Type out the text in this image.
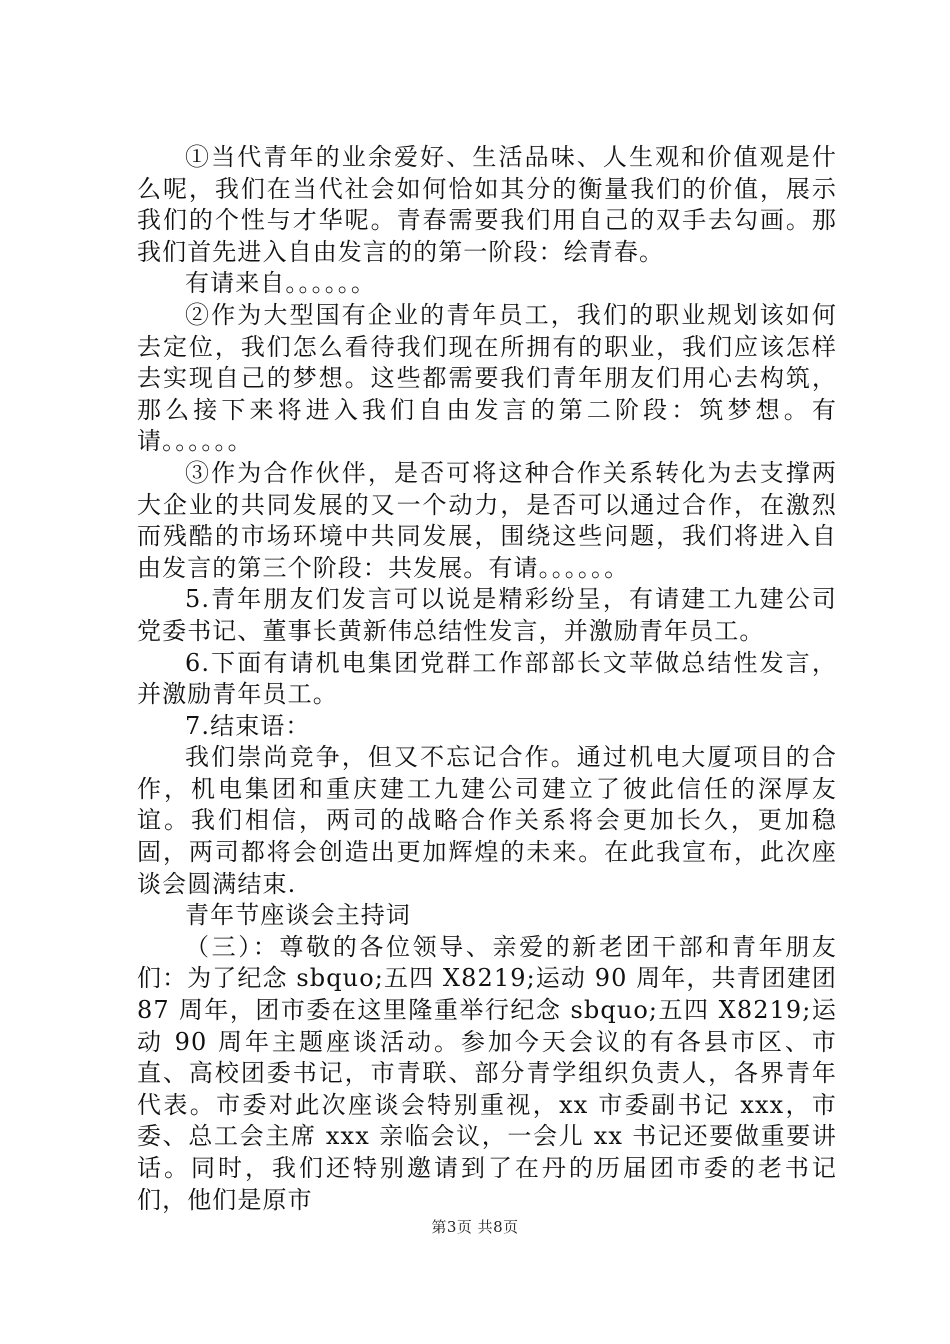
①当代青年的业余爱好、生活品味、人生观和价值观是什么呢，我们在当代社会如何恰如其分的衡量我们的价值，展示我们的个性与才华呢。青春需要我们用自己的双手去勾画。那我们首先进入自由发言的的第一阶段：绘青春。

有请来自。。。。。。

②作为大型国有企业的青年员工，我们的职业规划该如何去定位，我们怎么看待我们现在所拥有的职业，我们应该怎样去实现自己的梦想。这些都需要我们青年朋友们用心去构筑，那么接下来将进入我们自由发言的第二阶段：筑梦想。有请。。。。。。

③作为合作伙伴，是否可将这种合作关系转化为去支撑两大企业的共同发展的又一个动力，是否可以通过合作，在激烈而残酷的市场环境中共同发展，围绕这些问题，我们将进入自由发言的第三个阶段：共发展。有请。。。。。。

5.青年朋友们发言可以说是精彩纷呈，有请建工九建公司党委书记、董事长黄新伟总结性发言，并激励青年员工。

6.下面有请机电集团党群工作部部长文苹做总结性发言，并激励青年员工。

7.结束语：

我们崇尚竞争，但又不忘记合作。通过机电大厦项目的合作，机电集团和重庆建工九建公司建立了彼此信任的深厚友谊。我们相信，两司的战略合作关系将会更加长久，更加稳固，两司都将会创造出更加辉煌的未来。在此我宣布，此次座谈会圆满结束.

青年节座谈会主持词

（三）：尊敬的各位领导、亲爱的新老团干部和青年朋友们：为了纪念 sbquo;五四 X8219;运动 90 周年，共青团建团 87 周年，团市委在这里隆重举行纪念 sbquo;五四 X8219;运动 90 周年主题座谈活动。参加今天会议的有各县市区、市直、高校团委书记，市青联、部分青学组织负责人，各界青年代表。市委对此次座谈会特别重视，xx 市委副书记 xxx，市委、总工会主席 xxx 亲临会议，一会儿 xx 书记还要做重要讲话。同时，我们还特别邀请到了在丹的历届团市委的老书记们，他们是原市

第3页 共8页
